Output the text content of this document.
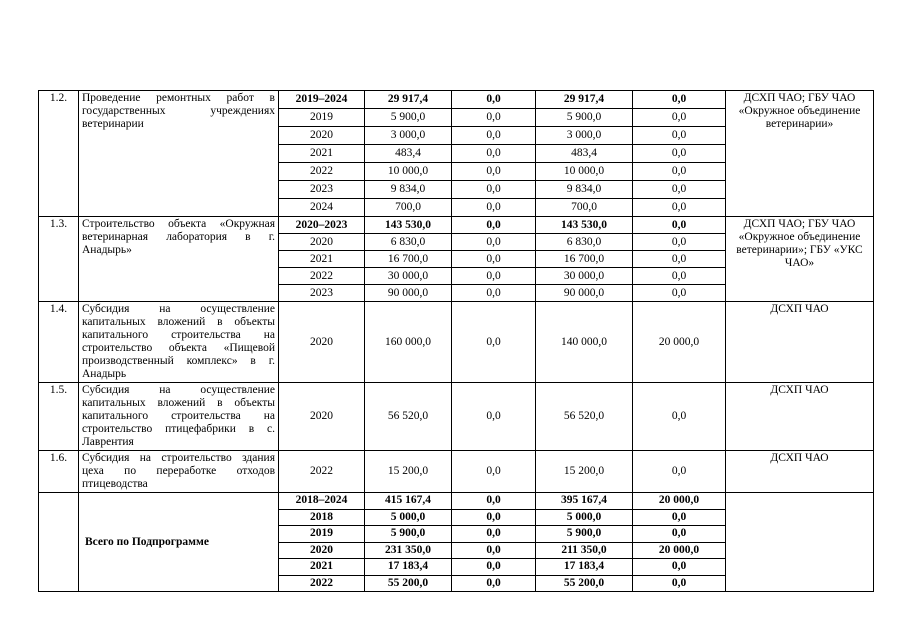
1.2.	Проведение ремонтных работ в государственных учреждениях ветеринарии	2019–2024	29 917,4	0,0	29 917,4	0,0	ДСХП ЧАО; ГБУ ЧАО «Окружное объединение ветеринарии»
		2019	5 900,0	0,0	5 900,0	0,0	
		2020	3 000,0	0,0	3 000,0	0,0	
		2021	483,4	0,0	483,4	0,0	
		2022	10 000,0	0,0	10 000,0	0,0	
		2023	9 834,0	0,0	9 834,0	0,0	
		2024	700,0	0,0	700,0	0,0	
1.3.	Строительство объекта «Окружная ветеринарная лаборатория в г. Анадырь»	2020–2023	143 530,0	0,0	143 530,0	0,0	ДСХП ЧАО; ГБУ ЧАО «Окружное объединение ветеринарии»; ГБУ «УКС ЧАО»
		2020	6 830,0	0,0	6 830,0	0,0	
		2021	16 700,0	0,0	16 700,0	0,0	
		2022	30 000,0	0,0	30 000,0	0,0	
		2023	90 000,0	0,0	90 000,0	0,0	
1.4.	Субсидия на осуществление капитальных вложений в объекты капитального строительства на строительство объекта «Пищевой производственный комплекс» в г. Анадырь	2020	160 000,0	0,0	140 000,0	20 000,0	ДСХП ЧАО
1.5.	Субсидия на осуществление капитальных вложений в объекты капитального строительства на строительство птицефабрики в с. Лаврентия	2020	56 520,0	0,0	56 520,0	0,0	ДСХП ЧАО
1.6.	Субсидия на строительство здания цеха по переработке отходов птицеводства	2022	15 200,0	0,0	15 200,0	0,0	ДСХП ЧАО
	Всего по Подпрограмме	2018–2024	415 167,4	0,0	395 167,4	20 000,0	
		2018	5 000,0	0,0	5 000,0	0,0	
		2019	5 900,0	0,0	5 900,0	0,0	
		2020	231 350,0	0,0	211 350,0	20 000,0	
		2021	17 183,4	0,0	17 183,4	0,0	
		2022	55 200,0	0,0	55 200,0	0,0	
